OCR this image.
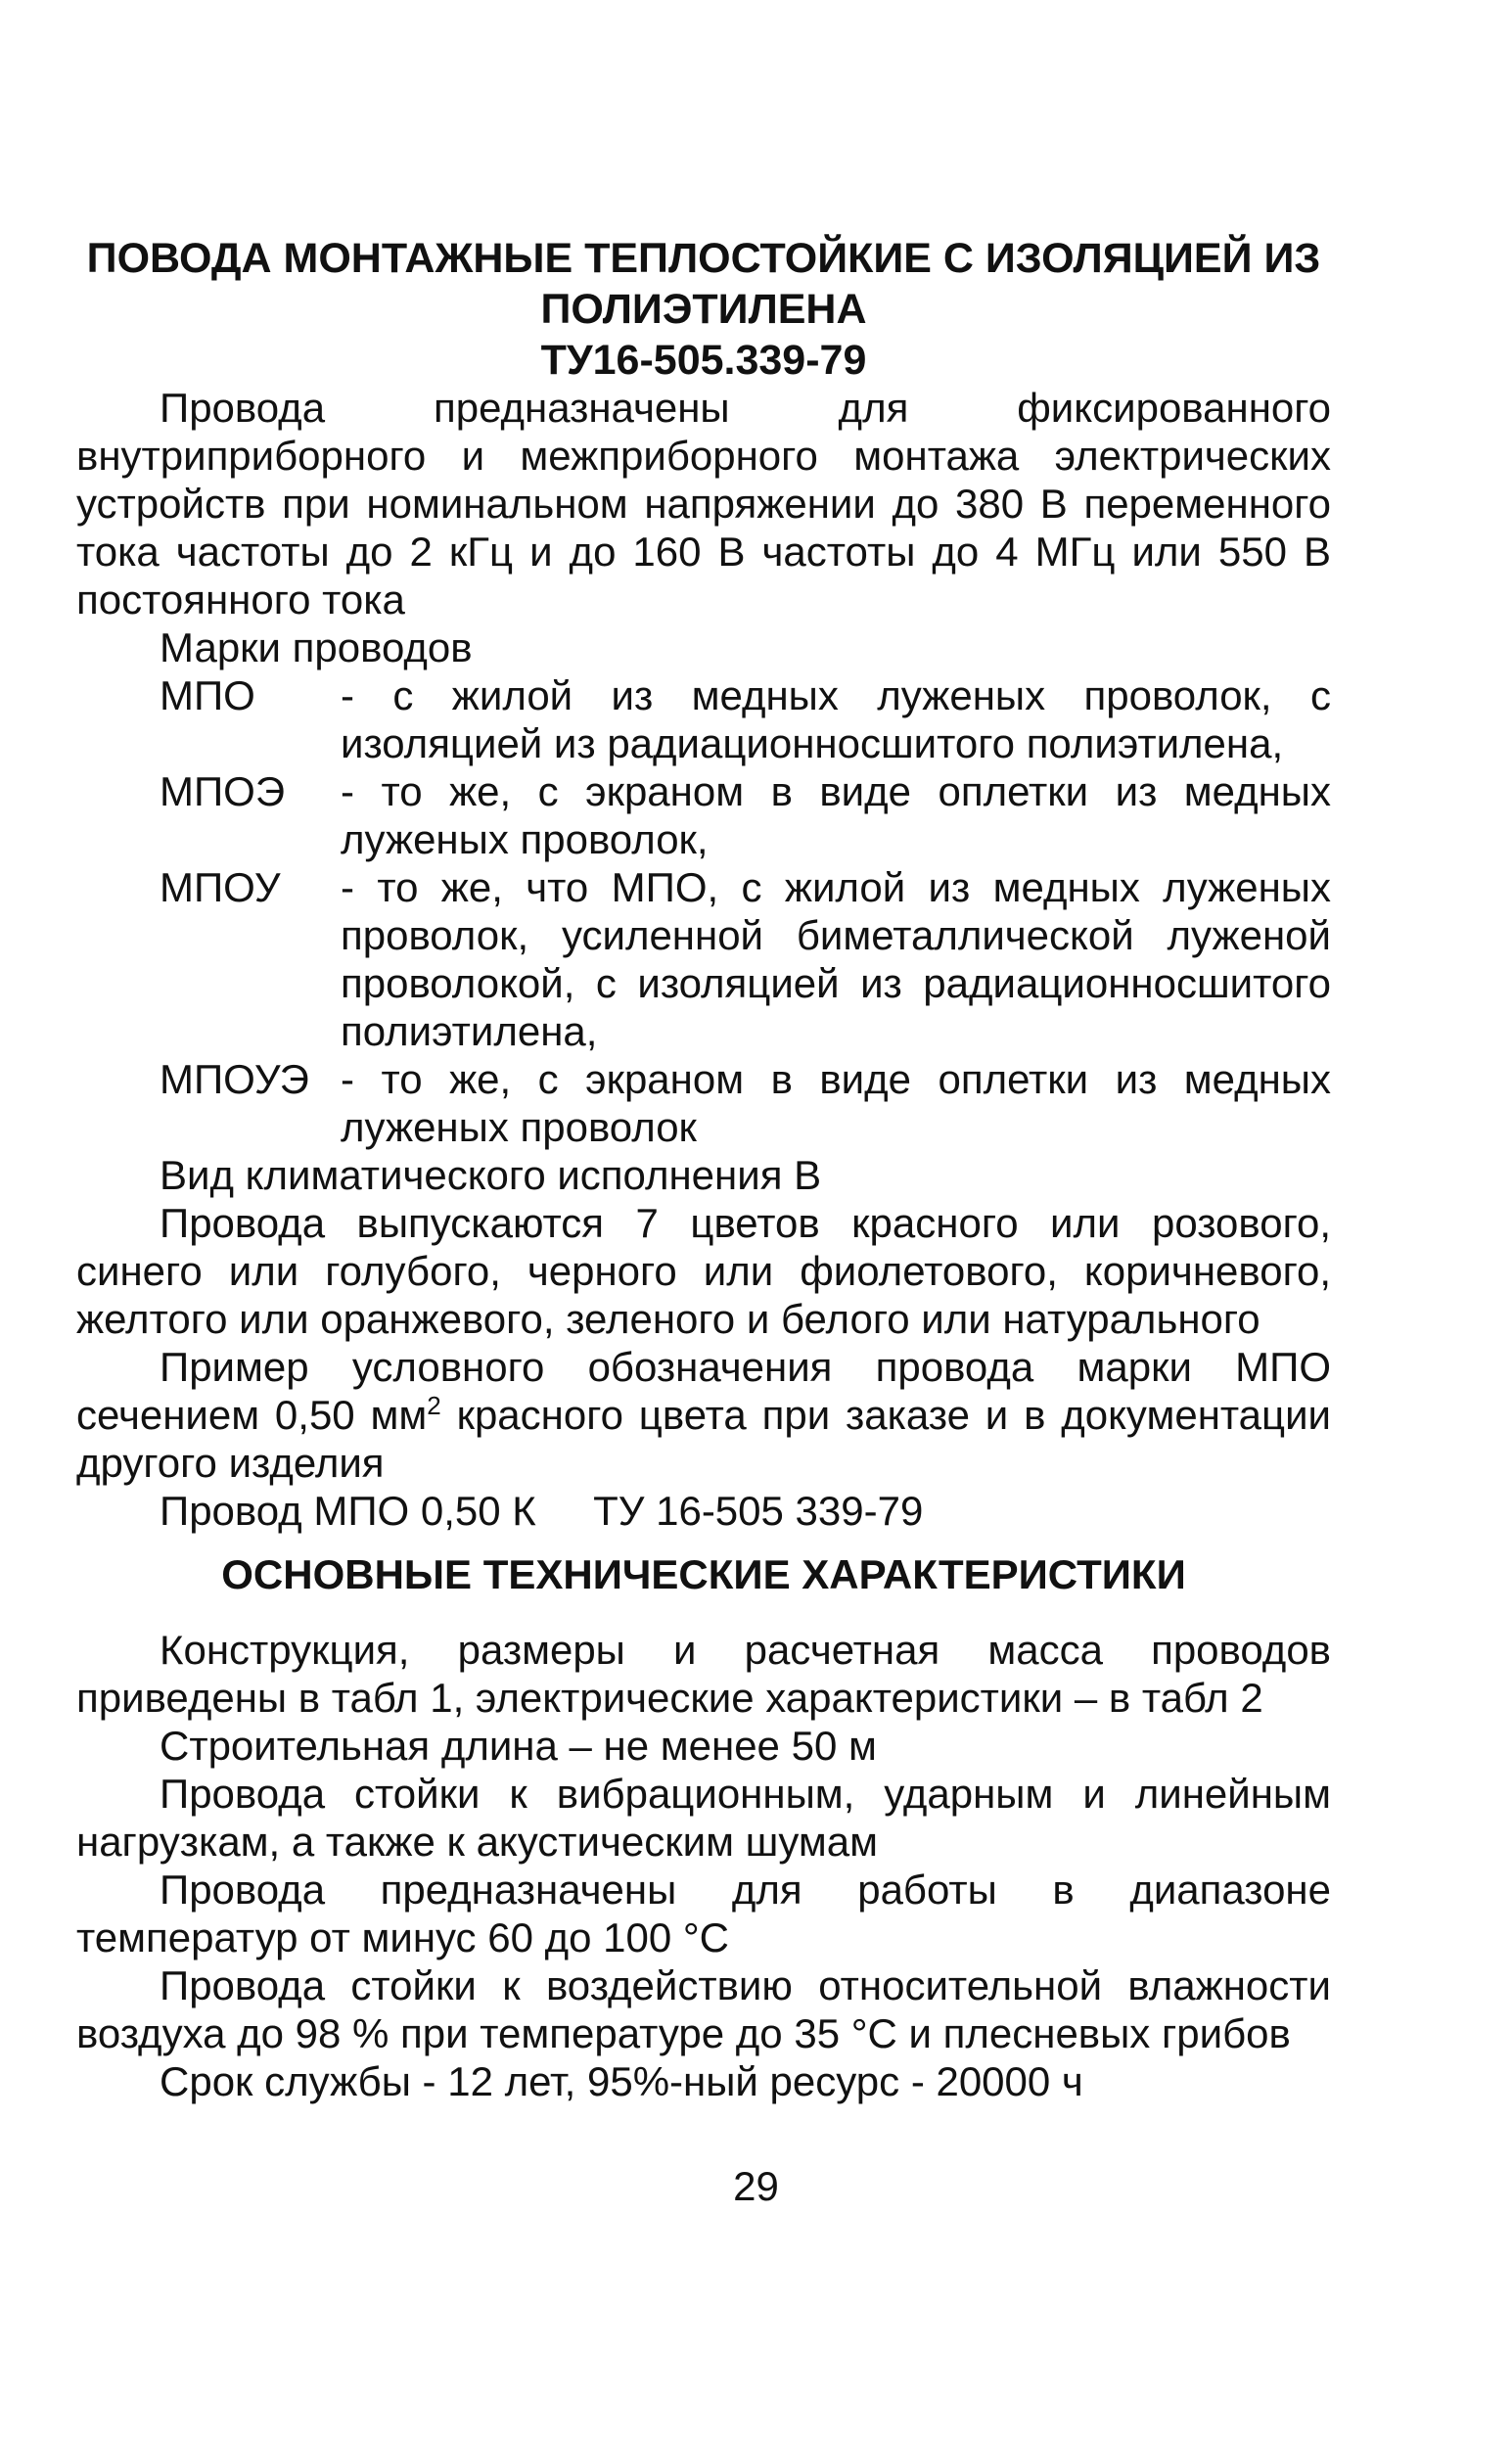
ПОВОДА МОНТАЖНЫЕ ТЕПЛОСТОЙКИЕ С ИЗОЛЯЦИЕЙ ИЗ

ПОЛИЭТИЛЕНА

ТУ16-505.339-79

Провода предназначены для фиксированного внутриприборного и межприборного монтажа электрических устройств при номинальном напряжении до 380 В переменного тока частоты до 2 кГц и до 160 В частоты до 4 МГц или 550 В постоянного тока

Марки проводов

МПО	- с жилой из медных луженых проволок, с изоляцией из радиационносшитого полиэтилена,
МПОЭ	- то же, с экраном в виде оплетки из медных луженых проволок,
МПОУ	- то же, что МПО, с жилой из медных луженых проволок, усиленной биметаллической луженой проволокой, с изоляцией из радиационносшитого полиэтилена,
МПОУЭ - то же, с экраном в виде оплетки из медных луженых проволок

Вид климатического исполнения В

Провода выпускаются 7 цветов красного или розового, синего или голубого, черного или фиолетового, коричневого, желтого или оранжевого, зеленого и белого или натурального

Пример условного обозначения провода марки МПО сечением 0,50 $мм^2$ красного цвета при заказе и в документации другого изделия

Провод МПО 0,50 К     ТУ 16-505 339-79

ОСНОВНЫЕ ТЕХНИЧЕСКИЕ ХАРАКТЕРИСТИКИ

Конструкция, размеры и расчетная масса проводов приведены в табл 1, электрические характеристики – в табл 2

Строительная длина – не менее 50 м

Провода стойки к вибрационным, ударным и линейным нагрузкам, а также к акустическим шумам

Провода предназначены для работы в диапазоне температур от минус 60 до 100 °С

Провода стойки к воздействию относительной влажности воздуха до 98 % при температуре до 35 °С и плесневых грибов

Срок службы - 12 лет, 95%-ный ресурс - 20000 ч

29
